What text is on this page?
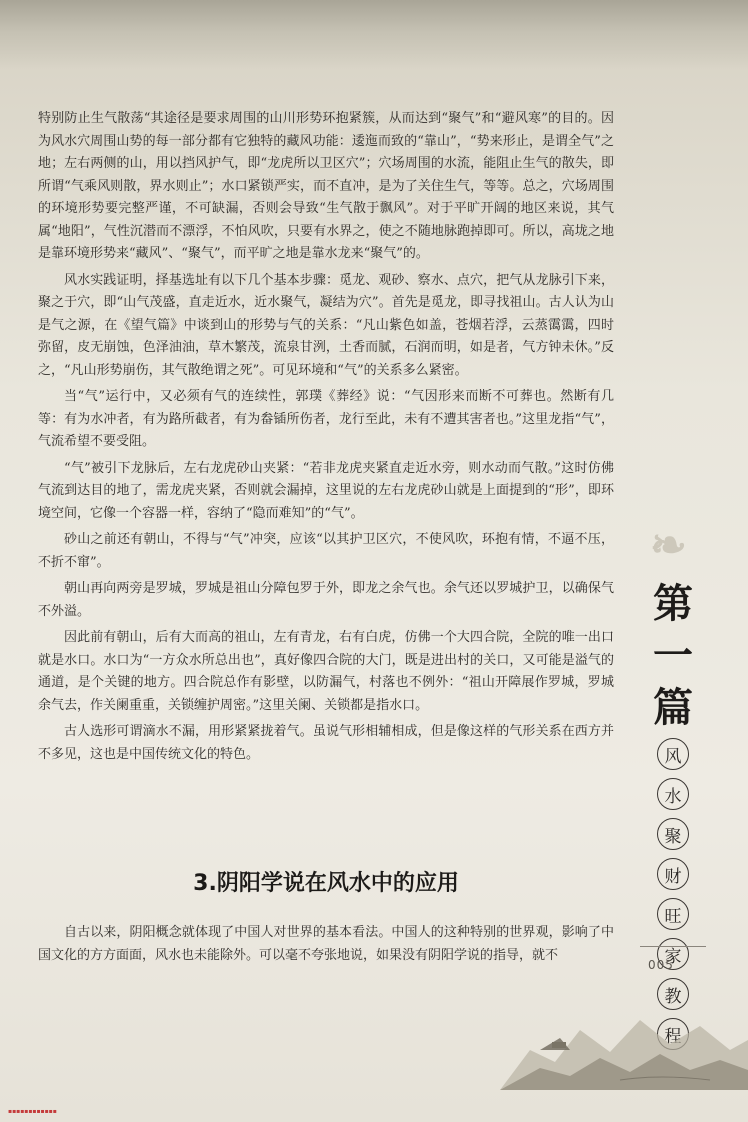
特别防止生气散荡“其途径是要求周围的山川形势环抱紧簇，从而达到“聚气”和“避风寒”的目的。因为风水穴周围山势的每一部分都有它独特的藏风功能：逶迤而致的“靠山”，“势来形止，是谓全气”之地；左右两侧的山，用以挡风护气，即“龙虎所以卫区穴”；穴场周围的水流，能阻止生气的散失，即所谓“气乘风则散，界水则止”；水口紧锁严实，而不直冲，是为了关住生气，等等。总之，穴场周围的环境形势要完整严谨，不可缺漏，否则会导致“生气散于飘风”。对于平旷开阔的地区来说，其气属“地阳”，气性沉潜而不漂浮，不怕风吹，只要有水界之，使之不随地脉跑掉即可。所以，高垅之地是靠环境形势来“藏风”、“聚气”，而平旷之地是靠水龙来“聚气”的。

风水实践证明，择基选址有以下几个基本步骤：觅龙、观砂、察水、点穴，把气从龙脉引下来，聚之于穴，即“山气茂盛，直走近水，近水聚气，凝结为穴”。首先是觅龙，即寻找祖山。古人认为山是气之源，在《望气篇》中谈到山的形势与气的关系：“凡山紫色如盖，苍烟若浮，云蒸霭霭，四时弥留，皮无崩蚀，色泽油油，草木繁茂，流泉甘洌，土香而腻，石润而明，如是者，气方钟未休。”反之，“凡山形势崩伤，其气散绝谓之死”。可见环境和“气”的关系多么紧密。

当“气”运行中，又必须有气的连续性，郭璞《葬经》说：“气因形来而断不可葬也。然断有几等：有为水冲者，有为路所截者，有为畚锸所伤者，龙行至此，未有不遭其害者也。”这里龙指“气”，气流希望不要受阻。

“气”被引下龙脉后，左右龙虎砂山夹紧：“若非龙虎夹紧直走近水旁，则水动而气散。”这时仿佛气流到达目的地了，需龙虎夹紧，否则就会漏掉，这里说的左右龙虎砂山就是上面提到的“形”，即环境空间，它像一个容器一样，容纳了“隐而难知”的“气”。

砂山之前还有朝山，不得与“气”冲突，应该“以其护卫区穴，不使风吹，环抱有情，不逼不压，不折不窜”。

朝山再向两旁是罗城，罗城是祖山分障包罗于外，即龙之余气也。余气还以罗城护卫，以确保气不外溢。

因此前有朝山，后有大而高的祖山，左有青龙，右有白虎，仿佛一个大四合院，全院的唯一出口就是水口。水口为“一方众水所总出也”，真好像四合院的大门，既是进出村的关口，又可能是溢气的通道，是个关键的地方。四合院总作有影壁，以防漏气，村落也不例外：“祖山开障展作罗城，罗城余气去，作关阑重重，关锁缠护周密。”这里关阑、关锁都是指水口。

古人选形可谓滴水不漏，用形紧紧拢着气。虽说气形相辅相成，但是像这样的气形关系在西方并不多见，这也是中国传统文化的特色。

3.阴阳学说在风水中的应用

自古以来，阴阳概念就体现了中国人对世界的基本看法。中国人的这种特别的世界观，影响了中国文化的方方面面，风水也未能除外。可以毫不夸张地说，如果没有阴阳学说的指导，就不

❧
第
一
篇
风
水
聚
财
旺
家
教
程
005
▪▪▪▪▪▪▪▪▪▪▪▪
